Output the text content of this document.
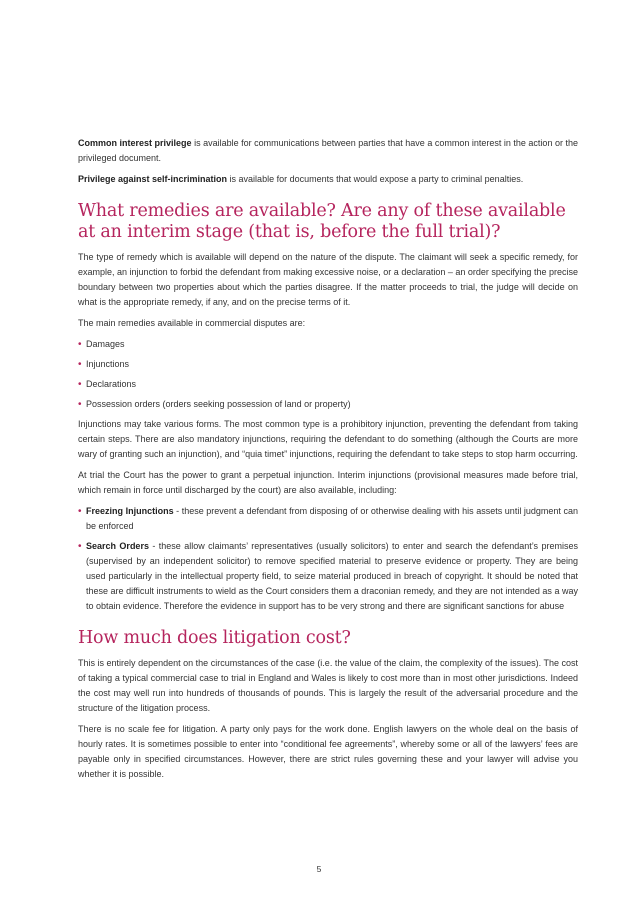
Common interest privilege is available for communications between parties that have a common interest in the action or the privileged document.

Privilege against self-incrimination is available for documents that would expose a party to criminal penalties.

What remedies are available? Are any of these available at an interim stage (that is, before the full trial)?

The type of remedy which is available will depend on the nature of the dispute. The claimant will seek a specific remedy, for example, an injunction to forbid the defendant from making excessive noise, or a declaration – an order specifying the precise boundary between two properties about which the parties disagree. If the matter proceeds to trial, the judge will decide on what is the appropriate remedy, if any, and on the precise terms of it.

The main remedies available in commercial disputes are:

• Damages
• Injunctions
• Declarations
• Possession orders (orders seeking possession of land or property)

Injunctions may take various forms. The most common type is a prohibitory injunction, preventing the defendant from taking certain steps. There are also mandatory injunctions, requiring the defendant to do something (although the Courts are more wary of granting such an injunction), and “quia timet” injunctions, requiring the defendant to take steps to stop harm occurring.

At trial the Court has the power to grant a perpetual injunction. Interim injunctions (provisional measures made before trial, which remain in force until discharged by the court) are also available, including:

• Freezing Injunctions - these prevent a defendant from disposing of or otherwise dealing with his assets until judgment can be enforced
• Search Orders - these allow claimants’ representatives (usually solicitors) to enter and search the defendant’s premises (supervised by an independent solicitor) to remove specified material to preserve evidence or property. They are being used particularly in the intellectual property field, to seize material produced in breach of copyright. It should be noted that these are difficult instruments to wield as the Court considers them a draconian remedy, and they are not intended as a way to obtain evidence. Therefore the evidence in support has to be very strong and there are significant sanctions for abuse
How much does litigation cost?

This is entirely dependent on the circumstances of the case (i.e. the value of the claim, the complexity of the issues). The cost of taking a typical commercial case to trial in England and Wales is likely to cost more than in most other jurisdictions. Indeed the cost may well run into hundreds of thousands of pounds. This is largely the result of the adversarial procedure and the structure of the litigation process.

There is no scale fee for litigation. A party only pays for the work done. English lawyers on the whole deal on the basis of hourly rates. It is sometimes possible to enter into “conditional fee agreements”, whereby some or all of the lawyers’ fees are payable only in specified circumstances. However, there are strict rules governing these and your lawyer will advise you whether it is possible.

5
